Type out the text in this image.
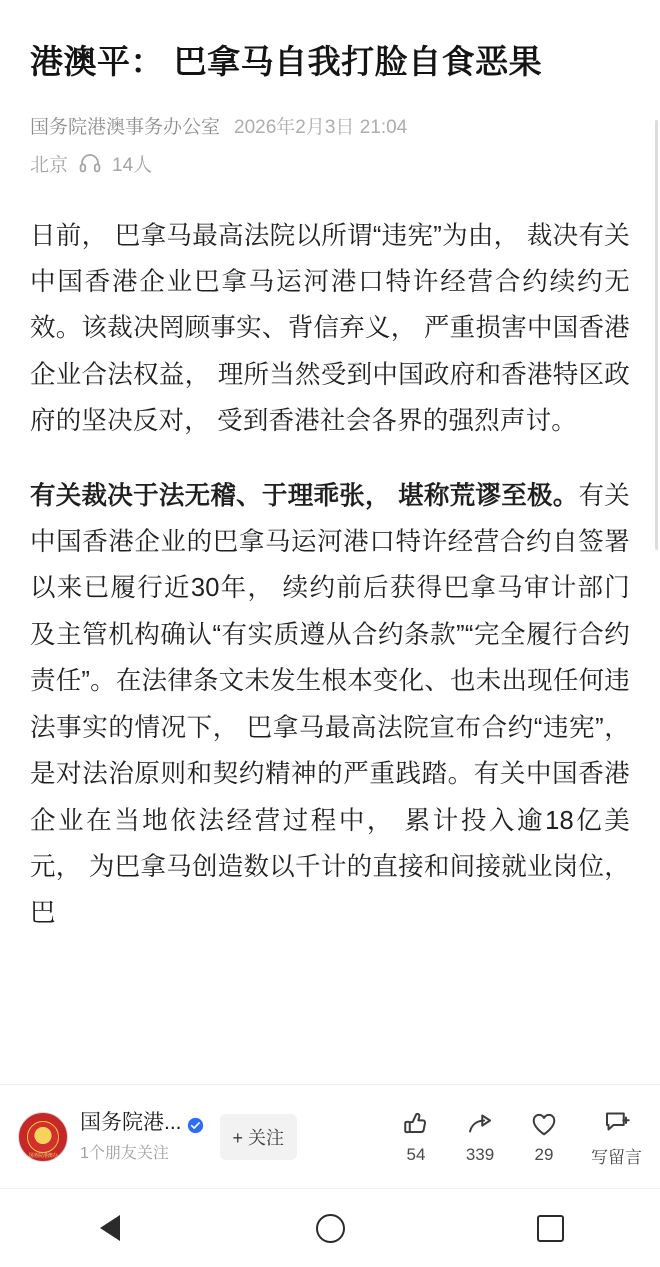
港澳平： 巴拿马自我打脸自食恶果
国务院港澳事务办公室 2026年2月3日 21:04
北京 14人

日前， 巴拿马最高法院以所谓“违宪”为由， 裁决有关中国香港企业巴拿马运河港口特许经营合约续约无效。该裁决罔顾事实、背信弃义， 严重损害中国香港企业合法权益， 理所当然受到中国政府和香港特区政府的坚决反对， 受到香港社会各界的强烈声讨。

有关裁决于法无稽、于理乖张， 堪称荒谬至极。有关中国香港企业的巴拿马运河港口特许经营合约自签署以来已履行近30年， 续约前后获得巴拿马审计部门及主管机构确认“有实质遵从合约条款”“完全履行合约责任”。在法律条文未发生根本变化、也未出现任何违法事实的情况下， 巴拿马最高法院宣布合约“违宪”， 是对法治原则和契约精神的严重践踏。有关中国香港企业在当地依法经营过程中， 累计投入逾18亿美元， 为巴拿马创造数以千计的直接和间接就业岗位， 巴

国务院港澳办
国务院港...
1个朋友关注
+ 关注
54 339 29 写留言
